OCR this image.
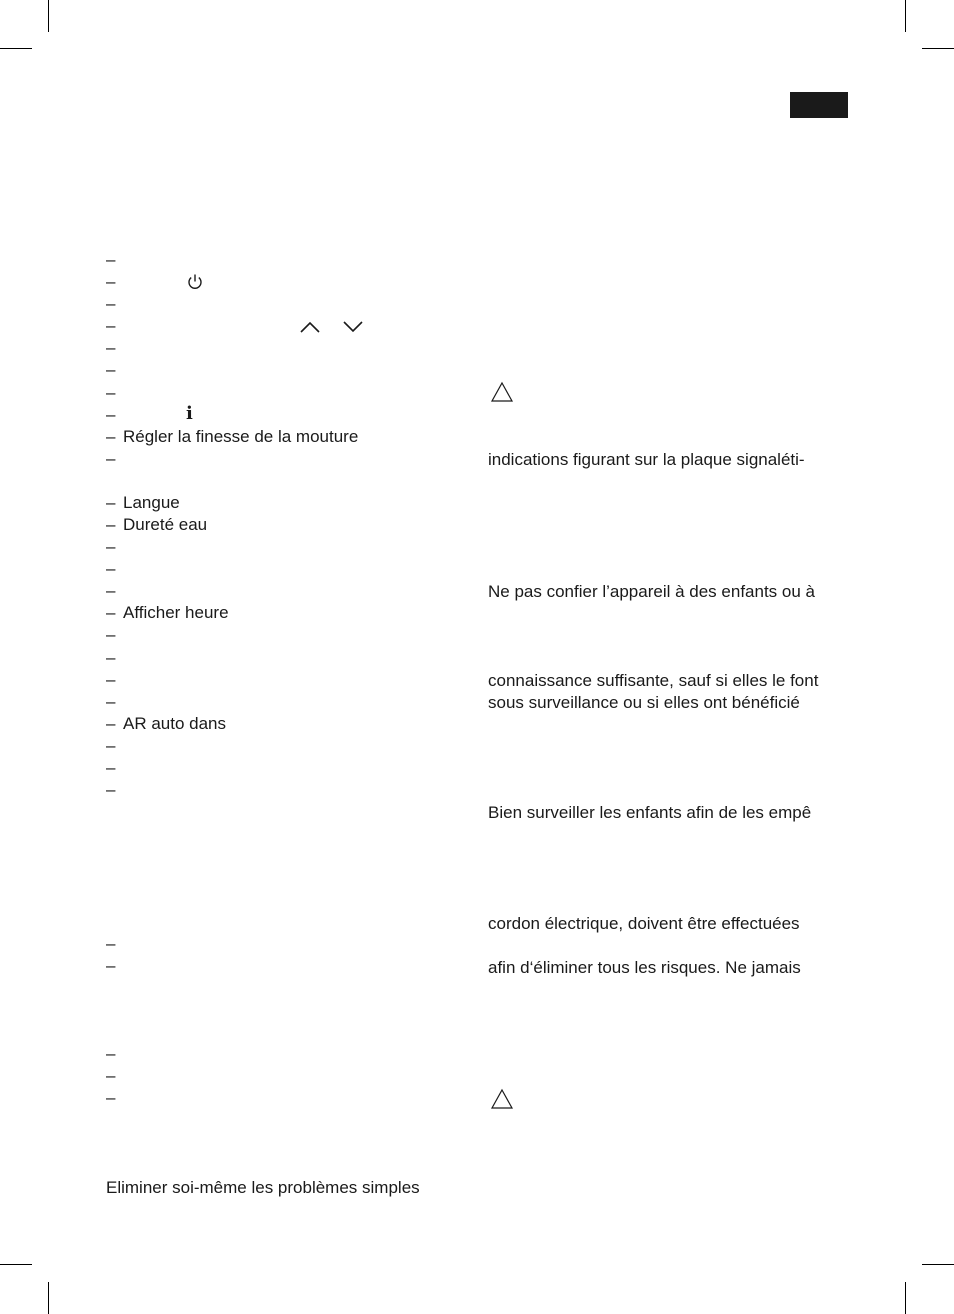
–
–
–
–
–
–
–
–
– Régler la finesse de la mouture
–
– Langue
– Dureté eau
–
–
–
– Afficher heure
–
–
–
–
– AR auto dans
–
–
–
i
–
–
–
–
–
Eliminer soi-même les problèmes simples
indications figurant sur la plaque signaléti-
Ne pas confier l’appareil à des enfants ou à
connaissance suffisante, sauf si elles le font
sous surveillance ou si elles ont bénéficié
Bien surveiller les enfants afin de les empê
cordon électrique, doivent être effectuées
afin d‘éliminer tous les risques. Ne jamais
